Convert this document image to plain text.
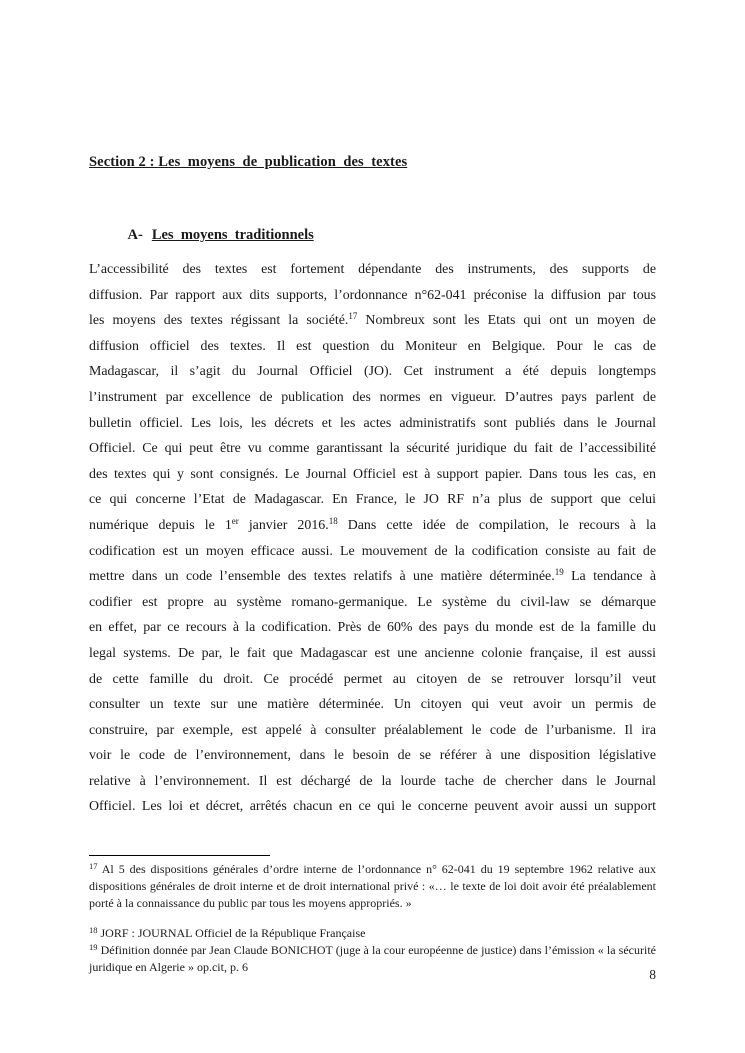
Section 2 : Les  moyens  de  publication  des  textes

A- Les  moyens  traditionnels

L’accessibilité des textes est fortement dépendante des instruments, des supports de
diffusion. Par rapport aux dits supports, l’ordonnance n°62-041 préconise la diffusion par tous
les moyens des textes régissant la société.$^{17}$ Nombreux sont les Etats qui ont un moyen de
diffusion officiel des textes. Il est question du Moniteur en Belgique. Pour le cas de
Madagascar, il s’agit du Journal Officiel (JO). Cet instrument a été depuis longtemps
l’instrument par excellence de publication des normes en vigueur. D’autres pays parlent de
bulletin officiel. Les lois, les décrets et les actes administratifs sont publiés dans le Journal
Officiel. Ce qui peut être vu comme garantissant la sécurité juridique du fait de l’accessibilité
des textes qui y sont consignés. Le Journal Officiel est à support papier. Dans tous les cas, en
ce qui concerne l’Etat de Madagascar. En France, le JO RF n’a plus de support que celui
numérique depuis le 1er janvier 2016.18 Dans cette idée de compilation, le recours à la
codification est un moyen efficace aussi. Le mouvement de la codification consiste au fait de
mettre dans un code l’ensemble des textes relatifs à une matière déterminée.$^{19}$ La tendance à
codifier est propre au système romano-germanique. Le système du civil-law se démarque
en effet, par ce recours à la codification. Près de 60% des pays du monde est de la famille du
legal systems. De par, le fait que Madagascar est une ancienne colonie française, il est aussi
de cette famille du droit. Ce procédé permet au citoyen de se retrouver lorsqu’il veut
consulter un texte sur une matière déterminée. Un citoyen qui veut avoir un permis de
construire, par exemple, est appelé à consulter préalablement le code de l’urbanisme. Il ira
voir le code de l’environnement, dans le besoin de se référer à une disposition législative
relative à l’environnement. Il est déchargé de la lourde tache de chercher dans le Journal
Officiel. Les loi et décret, arrêtés chacun en ce qui le concerne peuvent avoir aussi un support
$^{17}$ Al 5 des dispositions générales d’ordre interne de l’ordonnance n° 62-041 du 19 septembre 1962 relative aux dispositions générales de droit interne et de droit international privé : «… le texte de loi doit avoir été préalablement porté à la connaissance du public par tous les moyens appropriés. »
$^{18}$ JORF : JOURNAL Officiel de la République Française
$^{19}$ Définition donnée par Jean Claude BONICHOT (juge à la cour européenne de justice) dans l’émission « la sécurité juridique en Algerie » op.cit, p. 6	8
